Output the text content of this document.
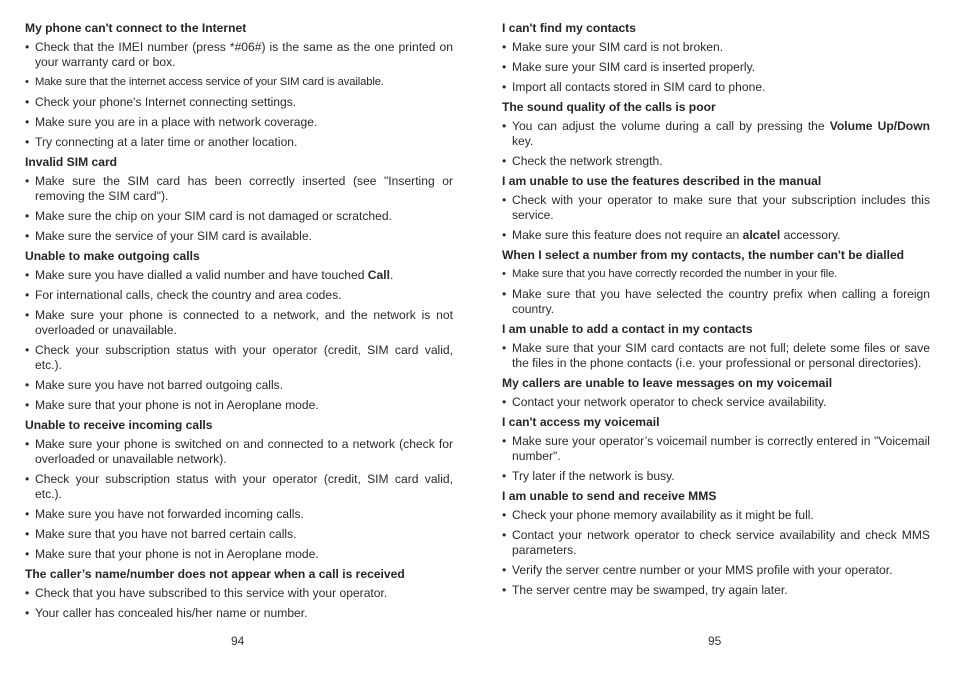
My phone can't connect to the Internet
• Check that the IMEI number (press *#06#) is the same as the one printed on your warranty card or box.
• Make sure that the internet access service of your SIM card is available.
• Check your phone's Internet connecting settings.
• Make sure you are in a place with network coverage.
• Try connecting at a later time or another location.
Invalid SIM card
• Make sure the SIM card has been correctly inserted (see "Inserting or removing the SIM card").
• Make sure the chip on your SIM card is not damaged or scratched.
• Make sure the service of your SIM card is available.
Unable to make outgoing calls
• Make sure you have dialled a valid number and have touched Call.
• For international calls, check the country and area codes.
• Make sure your phone is connected to a network, and the network is not overloaded or unavailable.
• Check your subscription status with your operator (credit, SIM card valid, etc.).
• Make sure you have not barred outgoing calls.
• Make sure that your phone is not in Aeroplane mode.
Unable to receive incoming calls
• Make sure your phone is switched on and connected to a network (check for overloaded or unavailable network).
• Check your subscription status with your operator (credit, SIM card valid, etc.).
• Make sure you have not forwarded incoming calls.
• Make sure that you have not barred certain calls.
• Make sure that your phone is not in Aeroplane mode.
The caller’s name/number does not appear when a call is received
• Check that you have subscribed to this service with your operator.
• Your caller has concealed his/her name or number.
I can't find my contacts
• Make sure your SIM card is not broken.
• Make sure your SIM card is inserted properly.
• Import all contacts stored in SIM card to phone.
The sound quality of the calls is poor
• You can adjust the volume during a call by pressing the Volume Up/Down key.
• Check the network strength.
I am unable to use the features described in the manual
• Check with your operator to make sure that your subscription includes this service.
• Make sure this feature does not require an alcatel accessory.
When I select a number from my contacts, the number can't be dialled
• Make sure that you have correctly recorded the number in your file.
• Make sure that you have selected the country prefix when calling a foreign country.
I am unable to add a contact in my contacts
• Make sure that your SIM card contacts are not full; delete some files or save the files in the phone contacts (i.e. your professional or personal directories).
My callers are unable to leave messages on my voicemail
• Contact your network operator to check service availability.
I can't access my voicemail
• Make sure your operator’s voicemail number is correctly entered in "Voicemail number".
• Try later if the network is busy.
I am unable to send and receive MMS
• Check your phone memory availability as it might be full.
• Contact your network operator to check service availability and check MMS parameters.
• Verify the server centre number or your MMS profile with your operator.
• The server centre may be swamped, try again later.
94	95
